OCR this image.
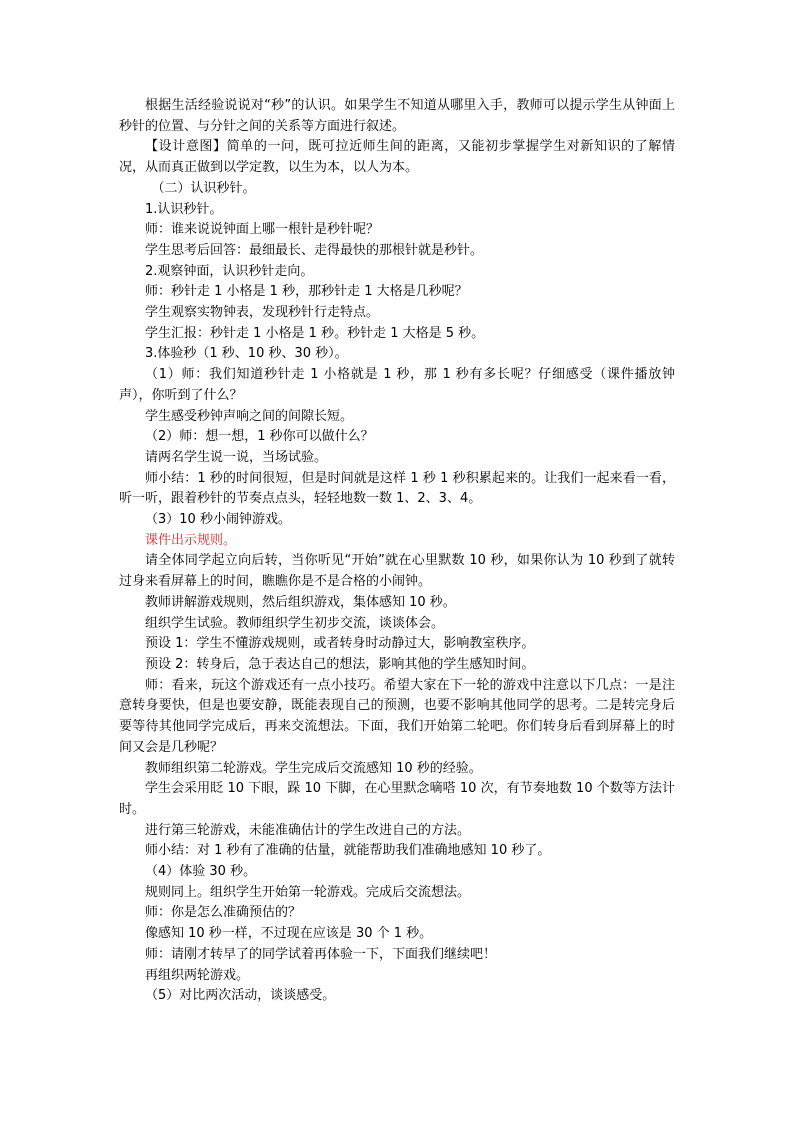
根据生活经验说说对“秒”的认识。如果学生不知道从哪里入手，教师可以提示学生从钟面上秒针的位置、与分针之间的关系等方面进行叙述。

【设计意图】简单的一问，既可拉近师生间的距离，又能初步掌握学生对新知识的了解情况，从而真正做到以学定教，以生为本，以人为本。

（二）认识秒针。

1.认识秒针。

师：谁来说说钟面上哪一根针是秒针呢？

学生思考后回答：最细最长、走得最快的那根针就是秒针。

2.观察钟面，认识秒针走向。

师：秒针走 1 小格是 1 秒，那秒针走 1 大格是几秒呢？

学生观察实物钟表，发现秒针行走特点。

学生汇报：秒针走 1 小格是 1 秒。秒针走 1 大格是 5 秒。

3.体验秒（1 秒、10 秒、30 秒）。

（1）师：我们知道秒针走 1 小格就是 1 秒，那 1 秒有多长呢？仔细感受（课件播放钟声），你听到了什么？

学生感受秒钟声响之间的间隙长短。

（2）师：想一想，1 秒你可以做什么？

请两名学生说一说，当场试验。

师小结：1 秒的时间很短，但是时间就是这样 1 秒 1 秒积累起来的。让我们一起来看一看，听一听，跟着秒针的节奏点点头，轻轻地数一数 1、2、3、4。

（3）10 秒小闹钟游戏。

课件出示规则。

请全体同学起立向后转，当你听见“开始”就在心里默数 10 秒，如果你认为 10 秒到了就转过身来看屏幕上的时间，瞧瞧你是不是合格的小闹钟。

教师讲解游戏规则，然后组织游戏，集体感知 10 秒。

组织学生试验。教师组织学生初步交流，谈谈体会。

预设 1：学生不懂游戏规则，或者转身时动静过大，影响教室秩序。

预设 2：转身后，急于表达自己的想法，影响其他的学生感知时间。

师：看来，玩这个游戏还有一点小技巧。希望大家在下一轮的游戏中注意以下几点：一是注意转身要快，但是也要安静，既能表现自己的预测，也要不影响其他同学的思考。二是转完身后要等待其他同学完成后，再来交流想法。下面，我们开始第二轮吧。你们转身后看到屏幕上的时间又会是几秒呢？

教师组织第二轮游戏。学生完成后交流感知 10 秒的经验。

学生会采用眨 10 下眼，跺 10 下脚，在心里默念嘀嗒 10 次，有节奏地数 10 个数等方法计时。

进行第三轮游戏，未能准确估计的学生改进自己的方法。

师小结：对 1 秒有了准确的估量，就能帮助我们准确地感知 10 秒了。

（4）体验 30 秒。

规则同上。组织学生开始第一轮游戏。完成后交流想法。

师：你是怎么准确预估的？

像感知 10 秒一样，不过现在应该是 30 个 1 秒。

师：请刚才转早了的同学试着再体验一下，下面我们继续吧！

再组织两轮游戏。

（5）对比两次活动，谈谈感受。
